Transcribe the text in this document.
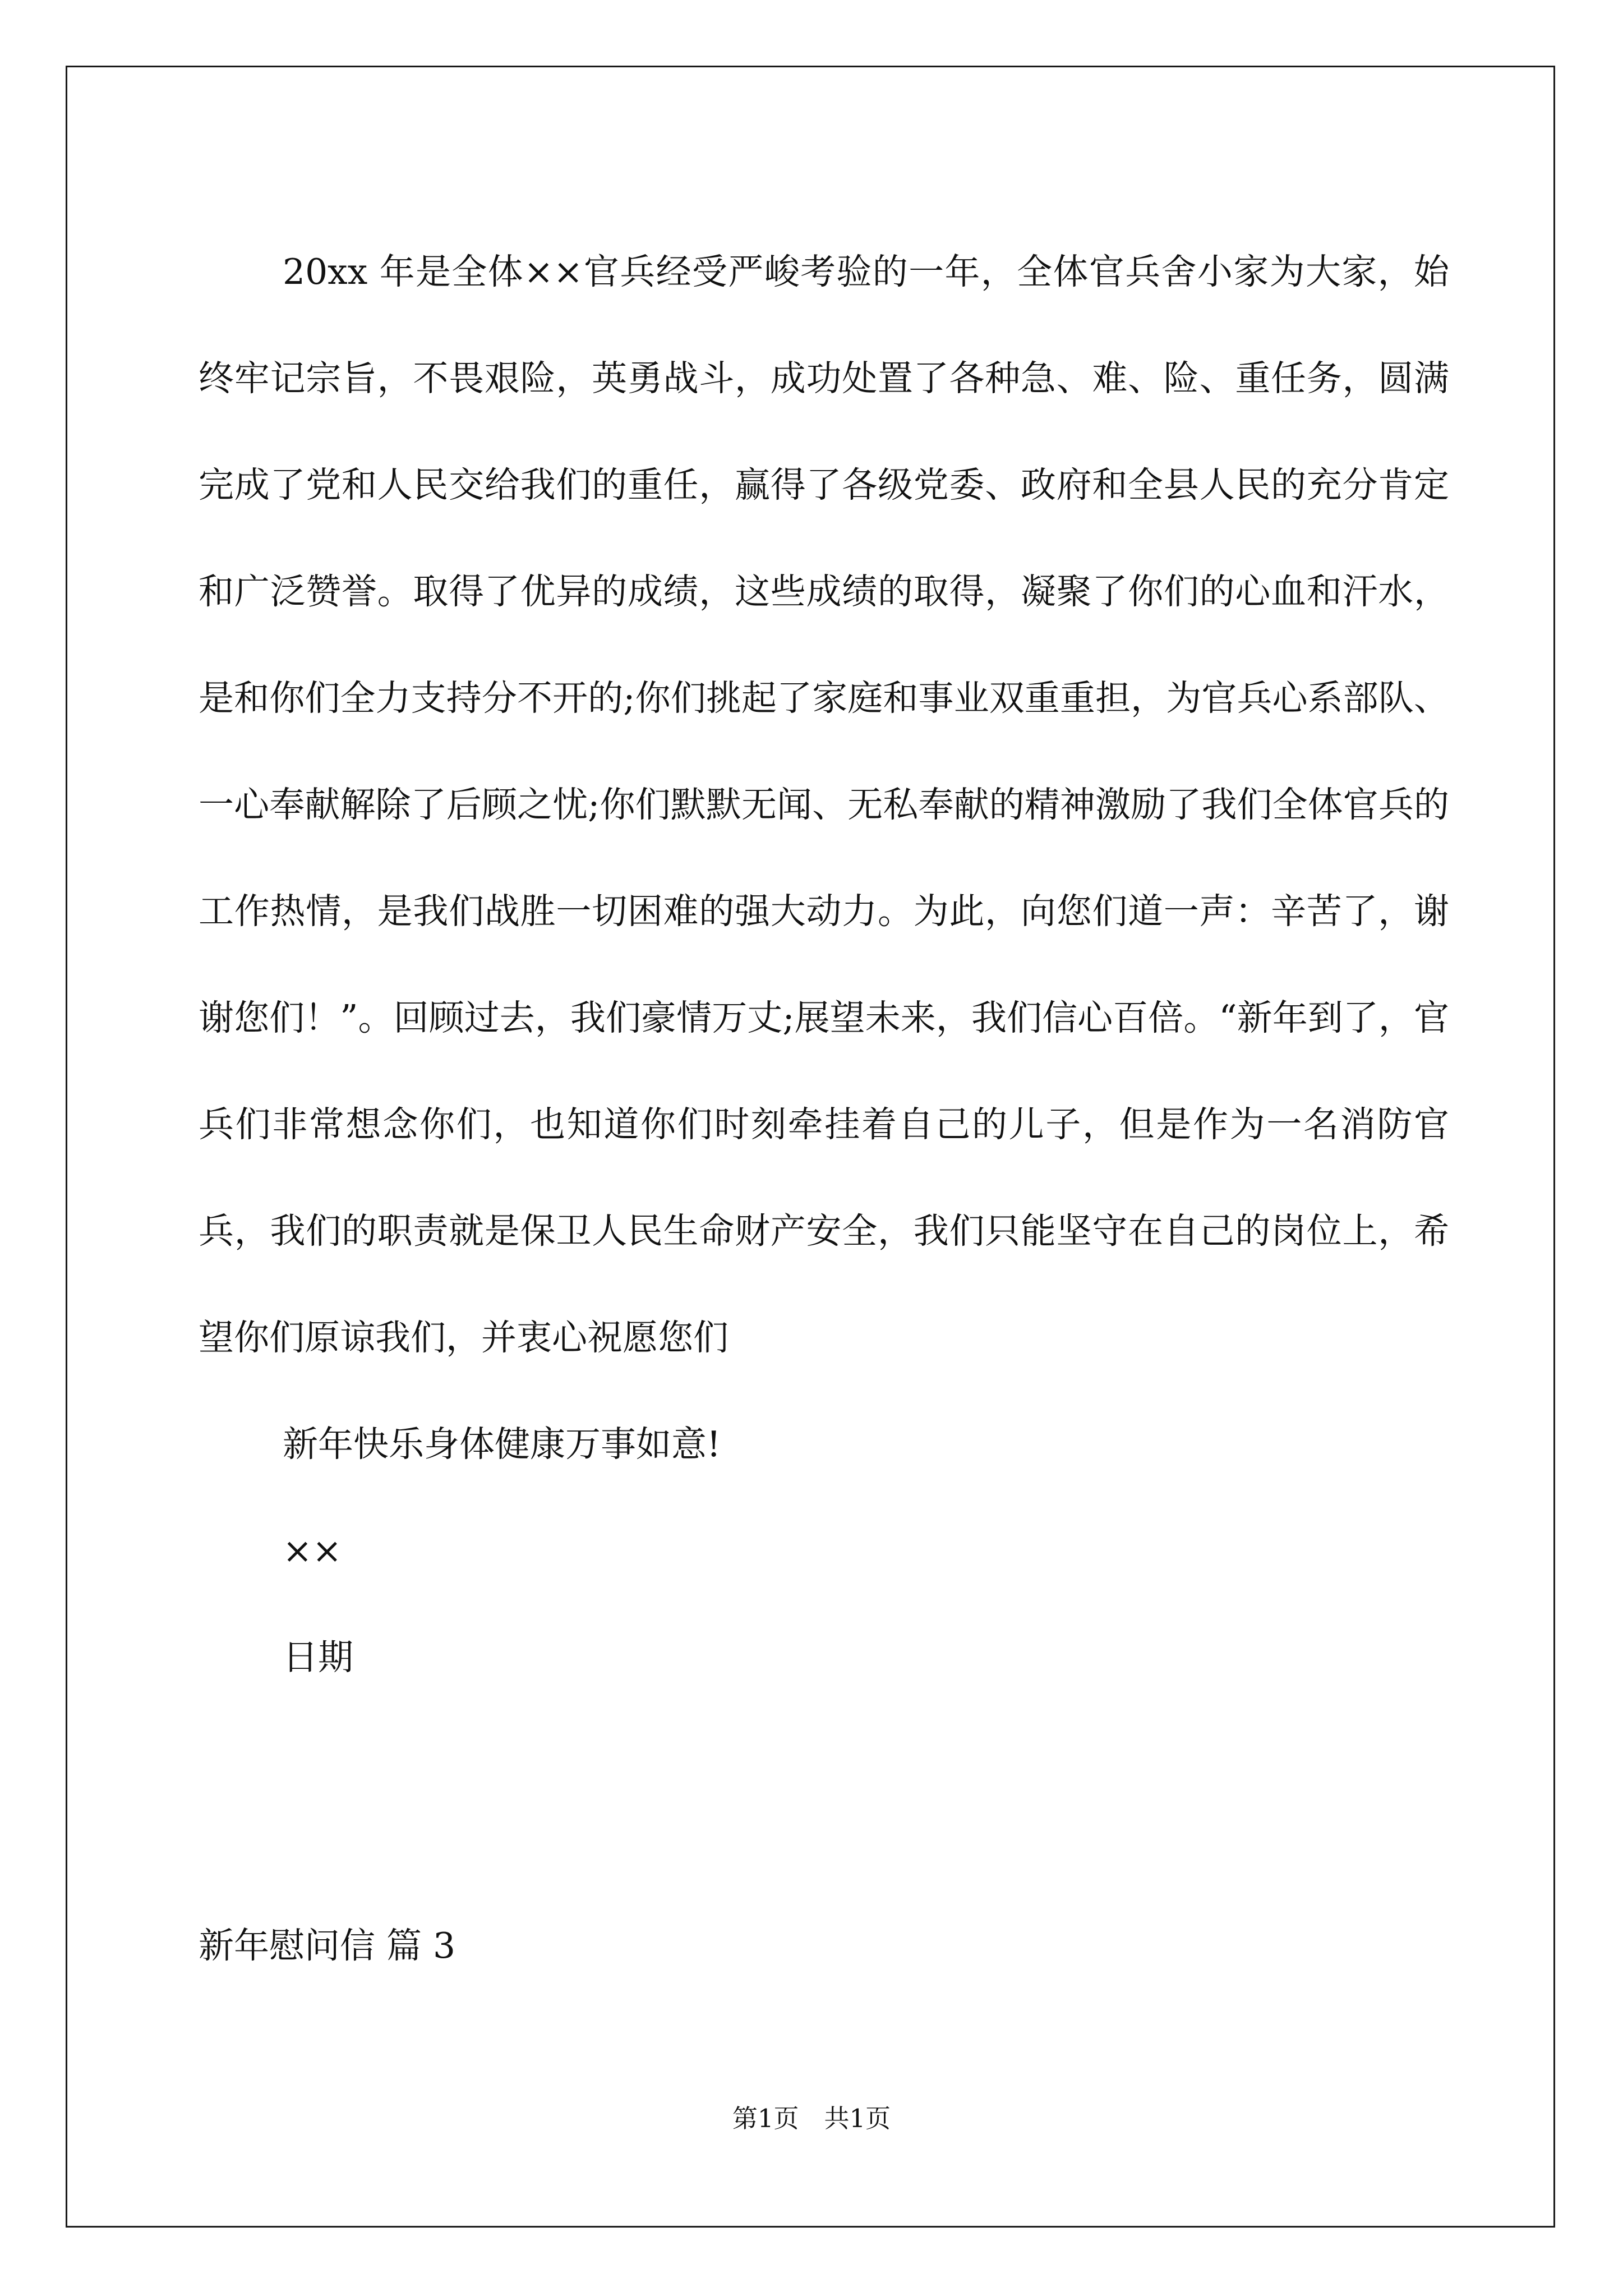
20xx 年是全体××官兵经受严峻考验的一年，全体官兵舍小家为大家，始终牢记宗旨，不畏艰险，英勇战斗，成功处置了各种急、难、险、重任务，圆满完成了党和人民交给我们的重任，赢得了各级党委、政府和全县人民的充分肯定和广泛赞誉。取得了优异的成绩，这些成绩的取得，凝聚了你们的心血和汗水，是和你们全力支持分不开的;你们挑起了家庭和事业双重重担，为官兵心系部队、一心奉献解除了后顾之忧;你们默默无闻、无私奉献的精神激励了我们全体官兵的工作热情，是我们战胜一切困难的强大动力。为此，向您们道一声：辛苦了，谢谢您们！”。回顾过去，我们豪情万丈;展望未来，我们信心百倍。“新年到了，官兵们非常想念你们，也知道你们时刻牵挂着自己的儿子，但是作为一名消防官兵，我们的职责就是保卫人民生命财产安全，我们只能坚守在自己的岗位上，希望你们原谅我们，并衷心祝愿您们

新年快乐身体健康万事如意!

××

日期

新年慰问信 篇 3

第1页　共1页
